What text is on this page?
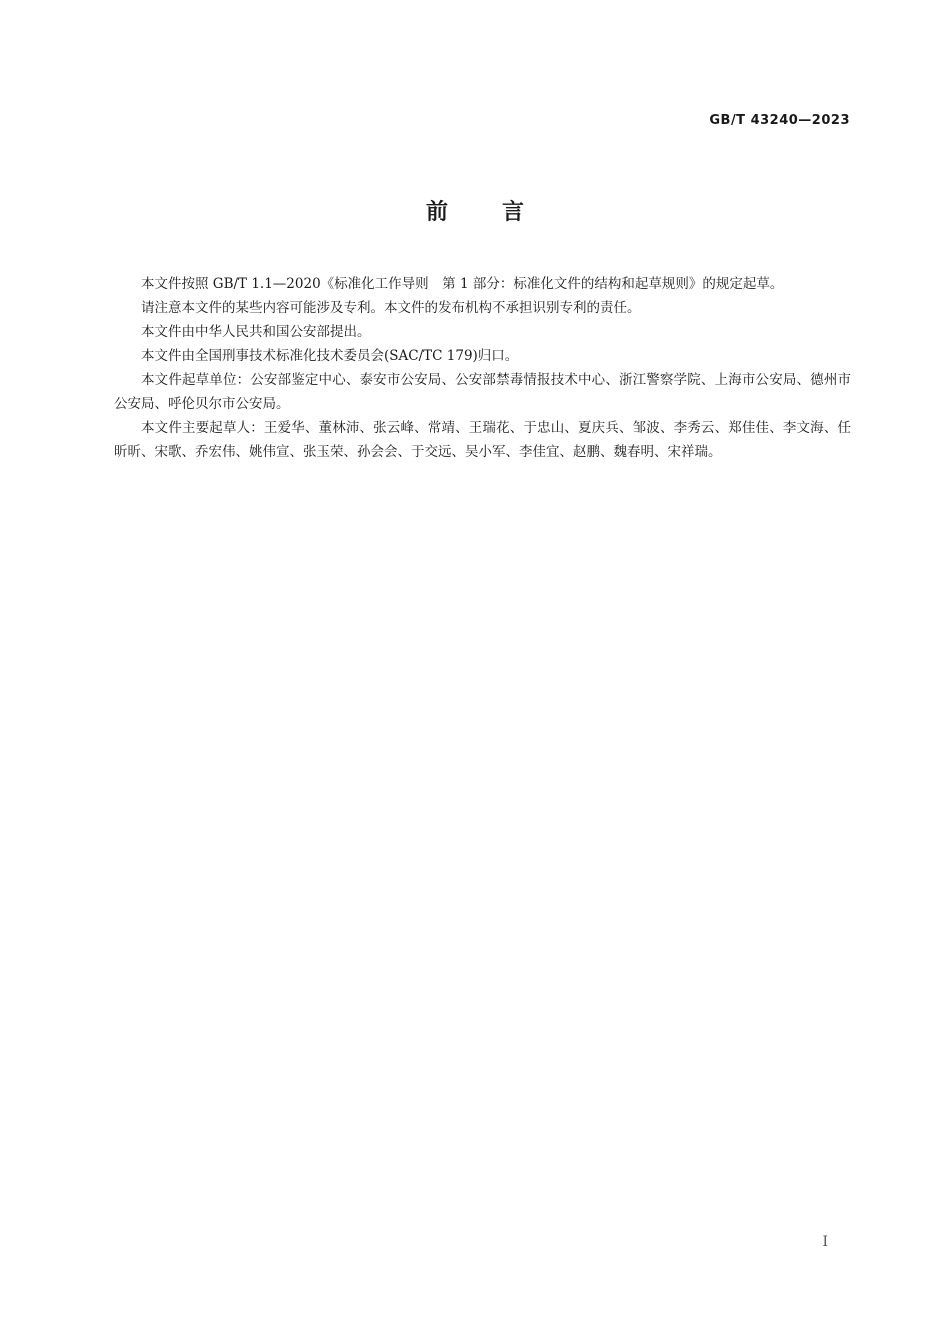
GB/T 43240—2023
前言

本文件按照 GB/T 1.1—2020《标准化工作导则　第 1 部分：标准化文件的结构和起草规则》的规定起草。

请注意本文件的某些内容可能涉及专利。本文件的发布机构不承担识别专利的责任。

本文件由中华人民共和国公安部提出。

本文件由全国刑事技术标准化技术委员会(SAC/TC 179)归口。

本文件起草单位：公安部鉴定中心、泰安市公安局、公安部禁毒情报技术中心、浙江警察学院、上海市公安局、德州市公安局、呼伦贝尔市公安局。

本文件主要起草人：王爱华、董林沛、张云峰、常靖、王瑞花、于忠山、夏庆兵、邹波、李秀云、郑佳佳、李文海、任昕昕、宋歌、乔宏伟、姚伟宣、张玉荣、孙会会、于交远、吴小军、李佳宜、赵鹏、魏春明、宋祥瑞。

I
